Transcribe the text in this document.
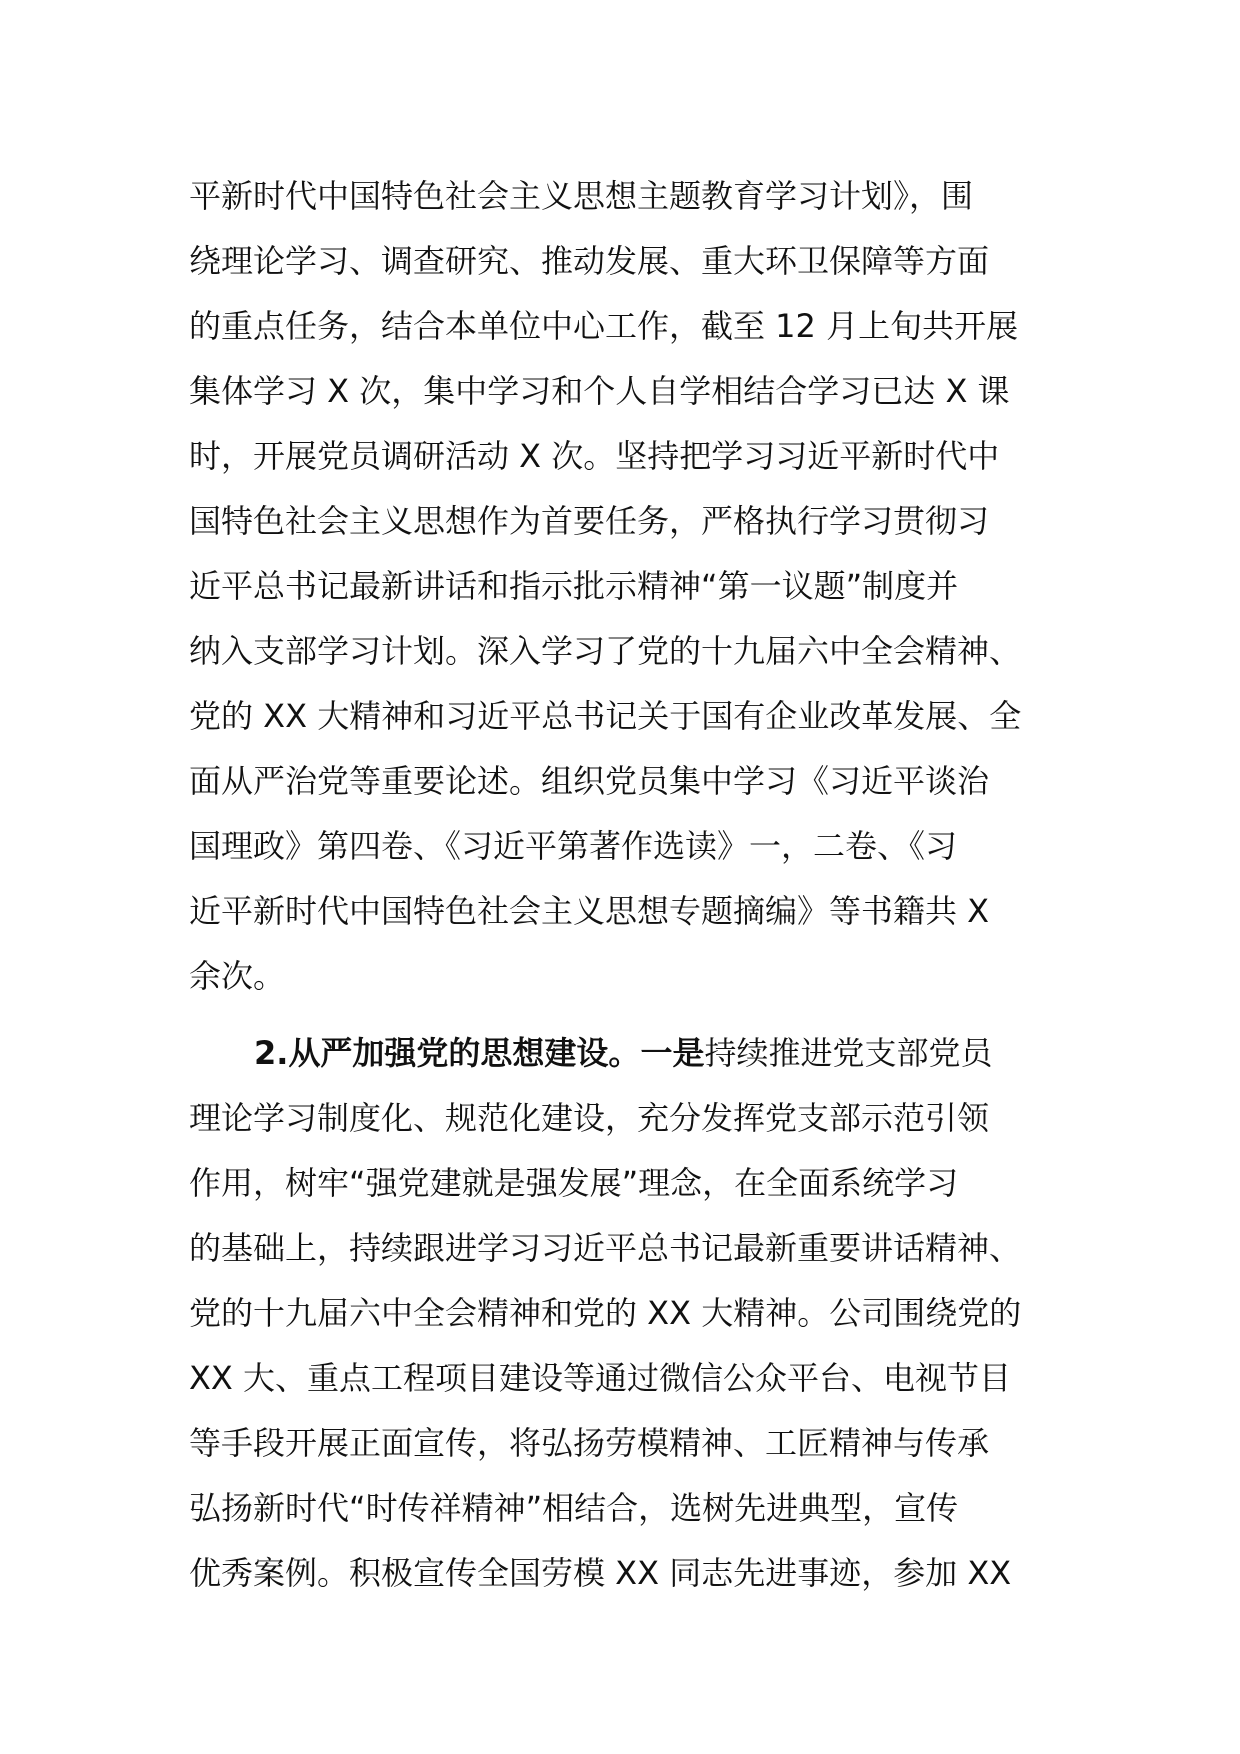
平新时代中国特色社会主义思想主题教育学习计划》，围
绕理论学习、调查研究、推动发展、重大环卫保障等方面
的重点任务，结合本单位中心工作，截至 12 月上旬共开展
集体学习 X 次，集中学习和个人自学相结合学习已达 X 课
时，开展党员调研活动 X 次。坚持把学习习近平新时代中
国特色社会主义思想作为首要任务，严格执行学习贯彻习
近平总书记最新讲话和指示批示精神“第一议题”制度并
纳入支部学习计划。深入学习了党的十九届六中全会精神、
党的 XX 大精神和习近平总书记关于国有企业改革发展、全
面从严治党等重要论述。组织党员集中学习《习近平谈治
国理政》第四卷、《习近平第著作选读》一，二卷、《习
近平新时代中国特色社会主义思想专题摘编》等书籍共 X
余次。
2.从严加强党的思想建设。一是持续推进党支部党员
理论学习制度化、规范化建设，充分发挥党支部示范引领
作用，树牢“强党建就是强发展”理念，在全面系统学习
的基础上，持续跟进学习习近平总书记最新重要讲话精神、
党的十九届六中全会精神和党的 XX 大精神。公司围绕党的
XX 大、重点工程项目建设等通过微信公众平台、电视节目
等手段开展正面宣传，将弘扬劳模精神、工匠精神与传承
弘扬新时代“时传祥精神”相结合，选树先进典型，宣传
优秀案例。积极宣传全国劳模 XX 同志先进事迹，参加 XX
